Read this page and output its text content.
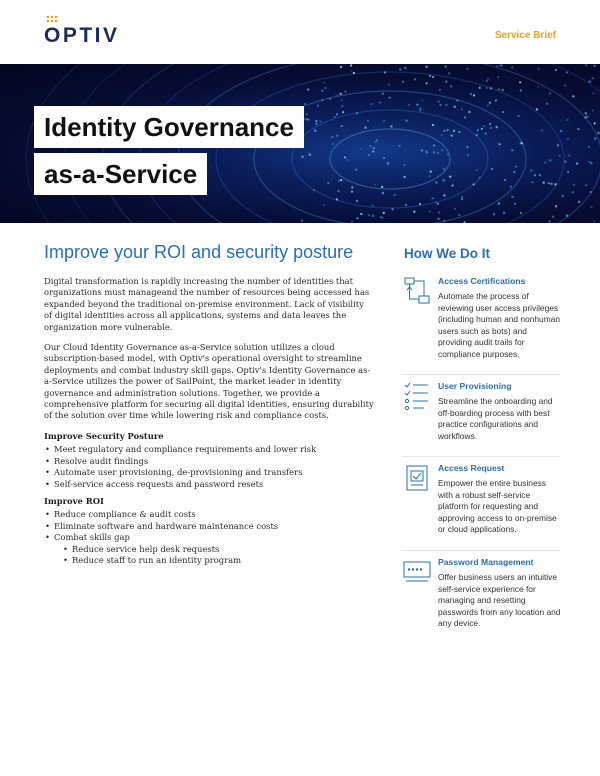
OPTIV	Service Brief
Identity Governance
as-a-Service
Improve your ROI and security posture	How We Do It

Digital transformation is rapidly increasing the number of identities that organizations must manageand the number of resources being accessed has expanded beyond the traditional on-premise environment. Lack of visibility of digital identities across all applications, systems and data leaves the organization more vulnerable.

Our Cloud Identity Governance as-a-Service solution utilizes a cloud subscription-based model, with Optiv's operational oversight to streamline deployments and combat industry skill gaps. Optiv's Identity Governance as-a-Service utilizes the power of SailPoint, the market leader in identity governance and administration solutions. Together, we provide a comprehensive platform for securing all digital identities, ensuring durability of the solution over time while lowering risk and compliance costs.

Improve Security Posture
• Meet regulatory and compliance requirements and lower risk
• Resolve audit findings
• Automate user provisioning, de-provisioning and transfers
• Self-service access requests and password resets
Improve ROI
• Reduce compliance & audit costs
• Eliminate software and hardware maintenance costs
• Combat skills gap
• Reduce service help desk requests
• Reduce staff to run an identity program
Access Certifications
Automate the process of reviewing user access privileges (including human and nonhuman users such as bots) and providing audit trails for compliance purposes.
User Provisioning
Streamline the onboarding and off-boarding process with best practice configurations and workflows.
Access Request
Empower the entire business with a robust self-service platform for requesting and approving access to on-premise or cloud applications.
Password Management
Offer business users an intuitive self-service experience for managing and resetting passwords from any location and any device.
